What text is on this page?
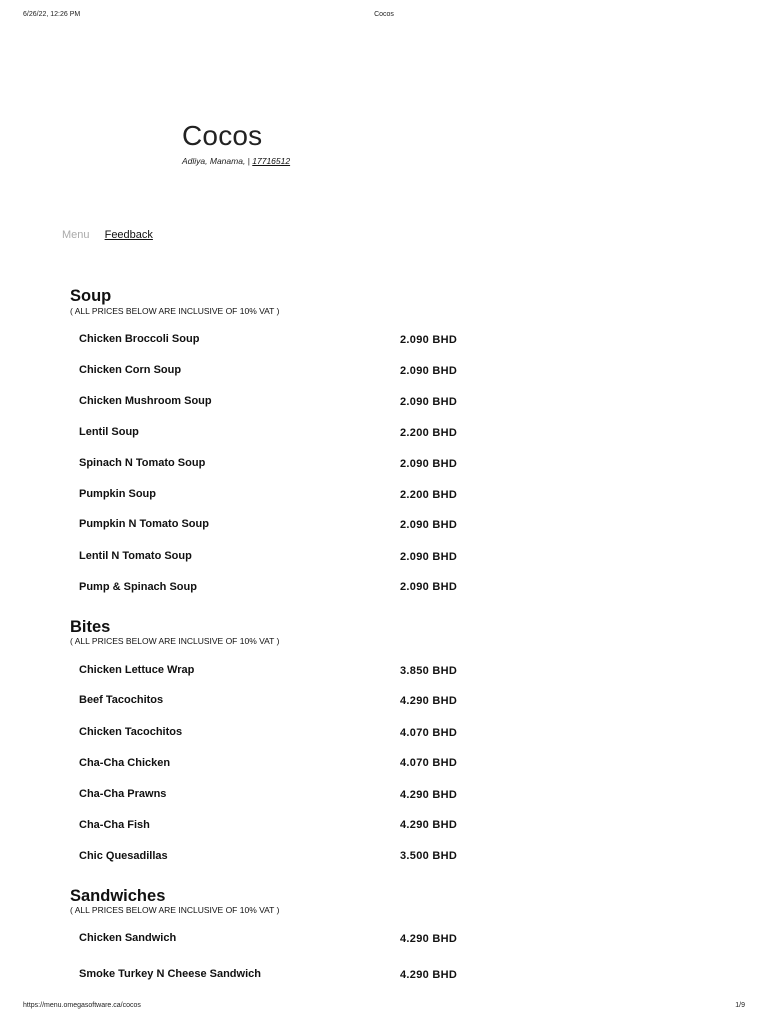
6/26/22, 12:26 PM	Cocos
Cocos
Adliya, Manama, | 17716512
Menu Feedback
Soup
( ALL PRICES BELOW ARE INCLUSIVE OF 10% VAT )
Chicken Broccoli Soup	2.090 BHD
Chicken Corn Soup	2.090 BHD
Chicken Mushroom Soup	2.090 BHD
Lentil Soup	2.200 BHD
Spinach N Tomato Soup	2.090 BHD
Pumpkin Soup	2.200 BHD
Pumpkin N Tomato Soup	2.090 BHD
Lentil N Tomato Soup	2.090 BHD
Pump & Spinach Soup	2.090 BHD
Bites
( ALL PRICES BELOW ARE INCLUSIVE OF 10% VAT )
Chicken Lettuce Wrap	3.850 BHD
Beef Tacochitos	4.290 BHD
Chicken Tacochitos	4.070 BHD
Cha-Cha Chicken	4.070 BHD
Cha-Cha Prawns	4.290 BHD
Cha-Cha Fish	4.290 BHD
Chic Quesadillas	3.500 BHD
Sandwiches
( ALL PRICES BELOW ARE INCLUSIVE OF 10% VAT )
Chicken Sandwich	4.290 BHD
Smoke Turkey N Cheese Sandwich	4.290 BHD
https://menu.omegasoftware.ca/cocos	1/9
